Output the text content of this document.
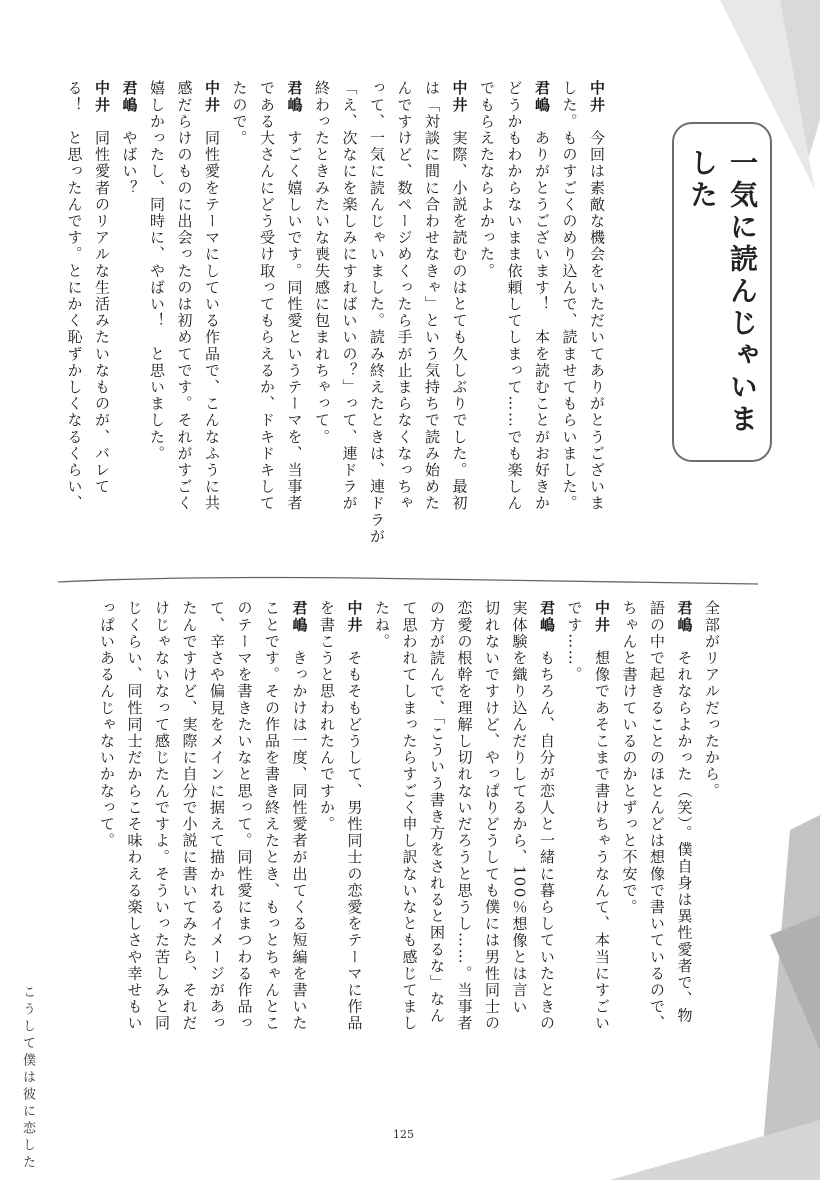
一気に読んじゃいました
中井　今回は素敵な機会をいただいてありがとうございま
した。ものすごくのめり込んで、読ませてもらいました。
君嶋　ありがとうございます！　本を読むことがお好きか
どうかもわからないまま依頼してしまって……でも楽しん
でもらえたならよかった。
中井　実際、小説を読むのはとても久しぶりでした。最初
は「対談に間に合わせなきゃ」という気持ちで読み始めた
んですけど、数ページめくったら手が止まらなくなっちゃ
って、一気に読んじゃいました。読み終えたときは、連ドラが
「え、次なにを楽しみにすればいいの？」って、連ドラが
終わったときみたいな喪失感に包まれちゃって。
君嶋　すごく嬉しいです。同性愛というテーマを、当事者
である大さんにどう受け取ってもらえるか、ドキドキして
たので。
中井　同性愛をテーマにしている作品で、こんなふうに共
感だらけのものに出会ったのは初めてです。それがすごく
嬉しかったし、同時に、やばい！　と思いました。
君嶋　やばい？
中井　同性愛者のリアルな生活みたいなものが、バレて
る！　と思ったんです。とにかく恥ずかしくなるくらい、
全部がリアルだったから。
君嶋　それならよかった（笑）。僕自身は異性愛者で、物
語の中で起きることのほとんどは想像で書いているので、
ちゃんと書けているのかとずっと不安で。
中井　想像であそこまで書けちゃうなんて、本当にすごい
です……。
君嶋　もちろん、自分が恋人と一緒に暮らしていたときの
実体験を織り込んだりしてるから、100％想像とは言い
切れないですけど、やっぱりどうしても僕には男性同士の
恋愛の根幹を理解し切れないだろうと思うし……。当事者
の方が読んで、「こういう書き方をされると困るな」なん
て思われてしまったらすごく申し訳ないなとも感じてまし
たね。
中井　そもそもどうして、男性同士の恋愛をテーマに作品
を書こうと思われたんですか。
君嶋　きっかけは一度、同性愛者が出てくる短編を書いた
ことです。その作品を書き終えたとき、もっとちゃんとこ
のテーマを書きたいなと思って。同性愛にまつわる作品っ
て、辛さや偏見をメインに据えて描かれるイメージがあっ
たんですけど、実際に自分で小説に書いてみたら、それだ
けじゃないなって感じたんですよ。そういった苦しみと同
じくらい、同性同士だからこそ味わえる楽しさや幸せもい
っぱいあるんじゃないかなって。
こうして僕は彼に恋した	125
